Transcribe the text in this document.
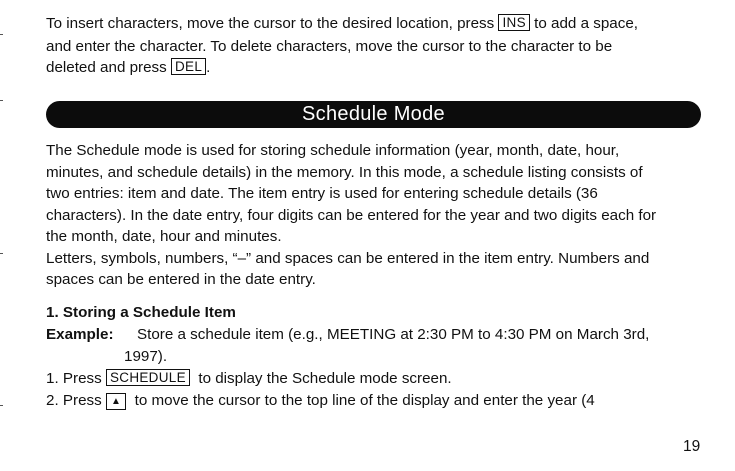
To insert characters, move the cursor to the desired location, press INS to add a space,
and enter the character. To delete characters, move the cursor to the character to be
deleted and press DEL .
Schedule Mode
The Schedule mode is used for storing schedule information (year, month, date, hour,
minutes, and schedule details) in the memory. In this mode, a schedule listing consists of
two entries: item and date. The item entry is used for entering schedule details (36
characters). In the date entry, four digits can be entered for the year and two digits each for
the month, date, hour and minutes.
Letters, symbols, numbers, “–” and spaces can be entered in the item entry. Numbers and
spaces can be entered in the date entry.
1. Storing a Schedule Item
Example: Store a schedule item (e.g., MEETING at 2:30 PM to 4:30 PM on March 3rd,
1997).
1. Press SCHEDULE to display the Schedule mode screen.
2. Press ▲ to move the cursor to the top line of the display and enter the year (4
19
